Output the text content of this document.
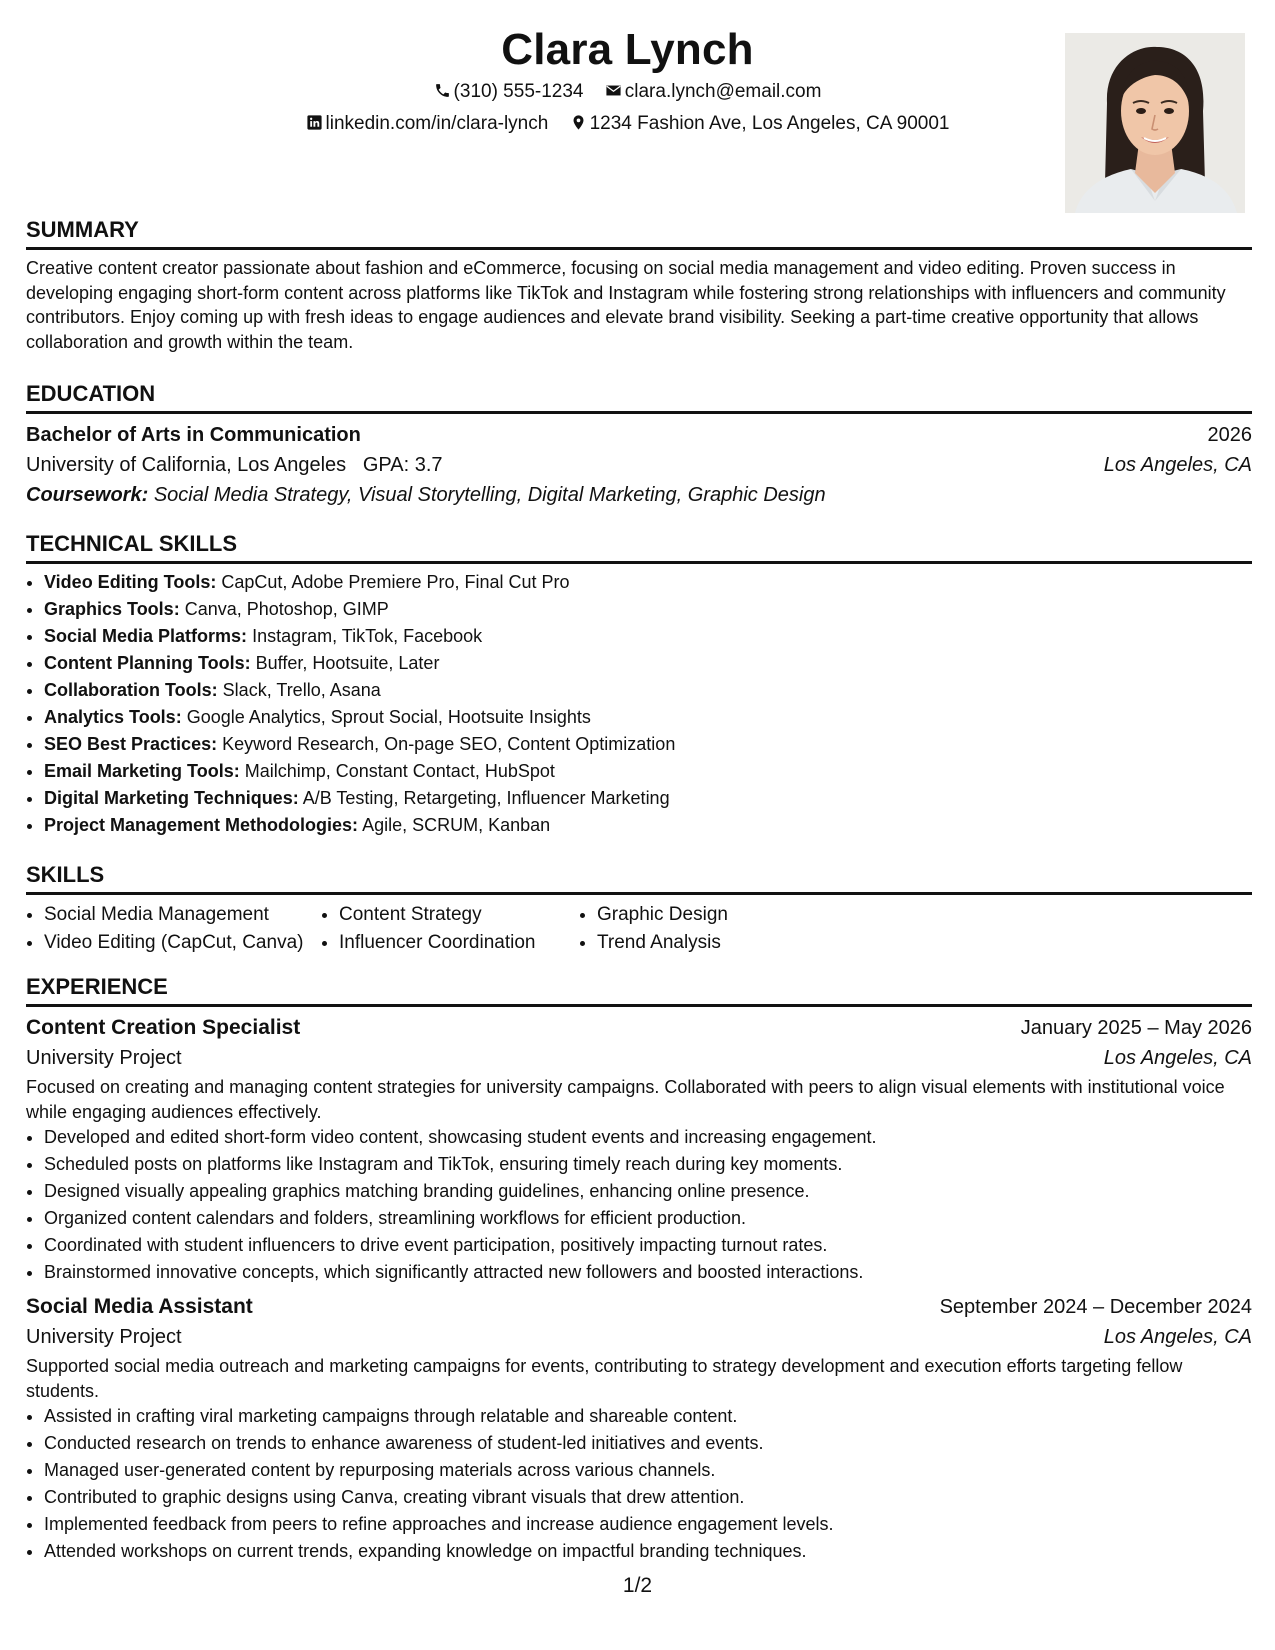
Clara Lynch
(310) 555-1234 clara.lynch@email.com
linkedin.com/in/clara-lynch 1234 Fashion Ave, Los Angeles, CA 90001
SUMMARY

Creative content creator passionate about fashion and eCommerce, focusing on social media management and video editing. Proven success in developing engaging short-form content across platforms like TikTok and Instagram while fostering strong relationships with influencers and community contributors. Enjoy coming up with fresh ideas to engage audiences and elevate brand visibility. Seeking a part-time creative opportunity that allows collaboration and growth within the team.

EDUCATION
Bachelor of Arts in Communication	2026
University of California, Los Angeles GPA: 3.7	Los Angeles, CA
Coursework: Social Media Strategy, Visual Storytelling, Digital Marketing, Graphic Design
TECHNICAL SKILLS
• Video Editing Tools: CapCut, Adobe Premiere Pro, Final Cut Pro
• Graphics Tools: Canva, Photoshop, GIMP
• Social Media Platforms: Instagram, TikTok, Facebook
• Content Planning Tools: Buffer, Hootsuite, Later
• Collaboration Tools: Slack, Trello, Asana
• Analytics Tools: Google Analytics, Sprout Social, Hootsuite Insights
• SEO Best Practices: Keyword Research, On-page SEO, Content Optimization
• Email Marketing Tools: Mailchimp, Constant Contact, HubSpot
• Digital Marketing Techniques: A/B Testing, Retargeting, Influencer Marketing
• Project Management Methodologies: Agile, SCRUM, Kanban
SKILLS
• Social Media Management
• Video Editing (CapCut, Canva)
• Content Strategy
• Influencer Coordination
• Graphic Design
• Trend Analysis
EXPERIENCE
Content Creation Specialist	January 2025 – May 2026
University Project	Los Angeles, CA

Focused on creating and managing content strategies for university campaigns. Collaborated with peers to align visual elements with institutional voice while engaging audiences effectively.

• Developed and edited short-form video content, showcasing student events and increasing engagement.
• Scheduled posts on platforms like Instagram and TikTok, ensuring timely reach during key moments.
• Designed visually appealing graphics matching branding guidelines, enhancing online presence.
• Organized content calendars and folders, streamlining workflows for efficient production.
• Coordinated with student influencers to drive event participation, positively impacting turnout rates.
• Brainstormed innovative concepts, which significantly attracted new followers and boosted interactions.
Social Media Assistant	September 2024 – December 2024
University Project	Los Angeles, CA

Supported social media outreach and marketing campaigns for events, contributing to strategy development and execution efforts targeting fellow students.

• Assisted in crafting viral marketing campaigns through relatable and shareable content.
• Conducted research on trends to enhance awareness of student-led initiatives and events.
• Managed user-generated content by repurposing materials across various channels.
• Contributed to graphic designs using Canva, creating vibrant visuals that drew attention.
• Implemented feedback from peers to refine approaches and increase audience engagement levels.
• Attended workshops on current trends, expanding knowledge on impactful branding techniques.
1/2
